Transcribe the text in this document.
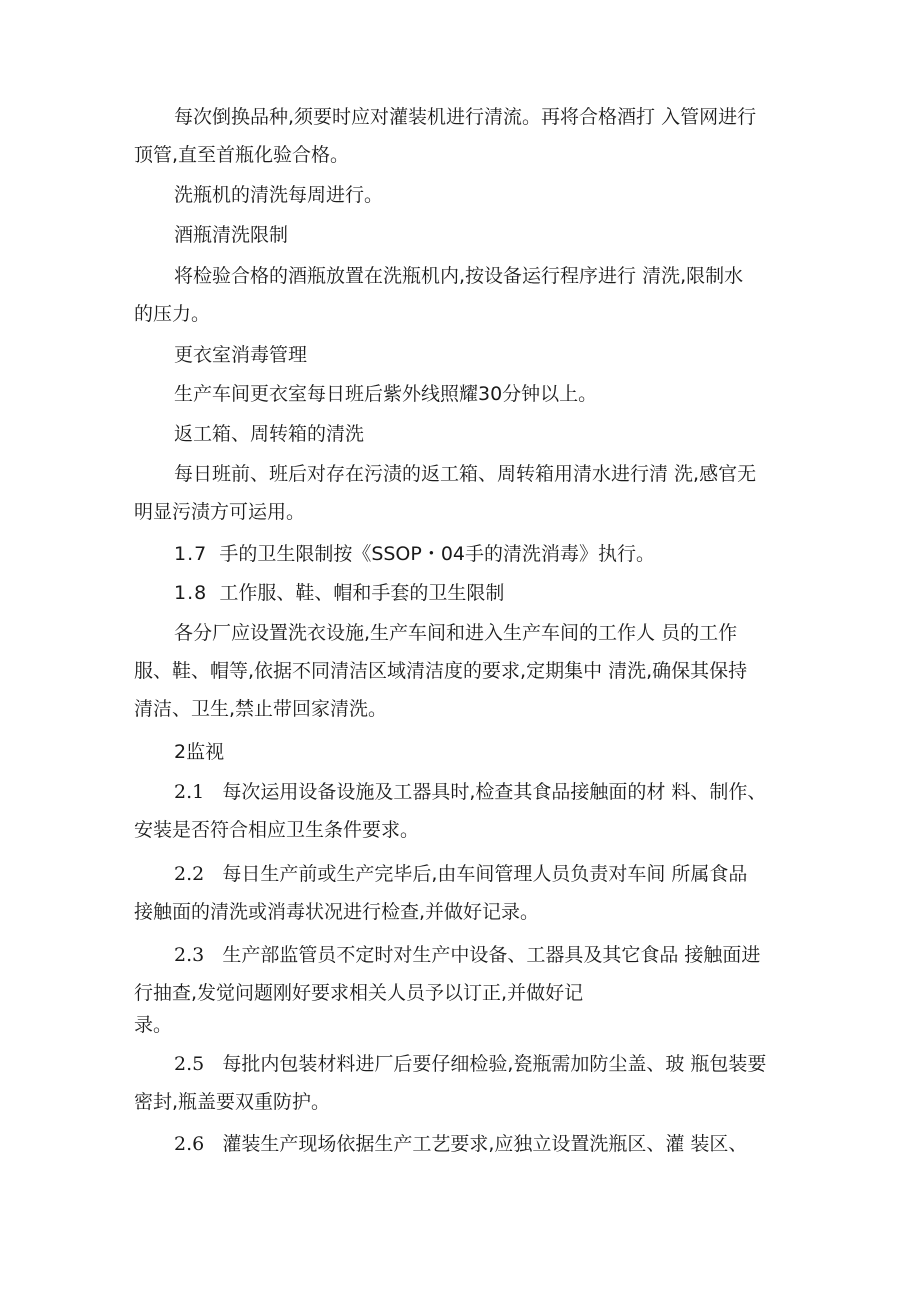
每次倒换品种,须要时应对灌装机进行清流。再将合格酒打 入管网进行
顶管,直至首瓶化验合格。
洗瓶机的清洗每周进行。
酒瓶清洗限制
将检验合格的酒瓶放置在洗瓶机内,按设备运行程序进行 清洗,限制水
的压力。
更衣室消毒管理
生产车间更衣室每日班后紫外线照耀30分钟以上。
返工箱、周转箱的清洗
每日班前、班后对存在污渍的返工箱、周转箱用清水进行清 洗,感官无
明显污渍方可运用。
1.7 手的卫生限制按《SSOP・04手的清洗消毒》执行。
1.8 工作服、鞋、帽和手套的卫生限制
各分厂应设置洗衣设施,生产车间和进入生产车间的工作人 员的工作
服、鞋、帽等,依据不同清洁区域清洁度的要求,定期集中 清洗,确保其保持
清洁、卫生,禁止带回家清洗。
2监视
2.1 每次运用设备设施及工器具时,检查其食品接触面的材 料、制作、
安装是否符合相应卫生条件要求。
2.2 每日生产前或生产完毕后,由车间管理人员负责对车间 所属食品
接触面的清洗或消毒状况进行检查,并做好记录。
2.3 生产部监管员不定时对生产中设备、工器具及其它食品 接触面进
行抽查,发觉问题刚好要求相关人员予以订正,并做好记
录。
2.5 每批内包装材料进厂后要仔细检验,瓷瓶需加防尘盖、玻 瓶包装要
密封,瓶盖要双重防护。
2.6 灌装生产现场依据生产工艺要求,应独立设置洗瓶区、灌 装区、
